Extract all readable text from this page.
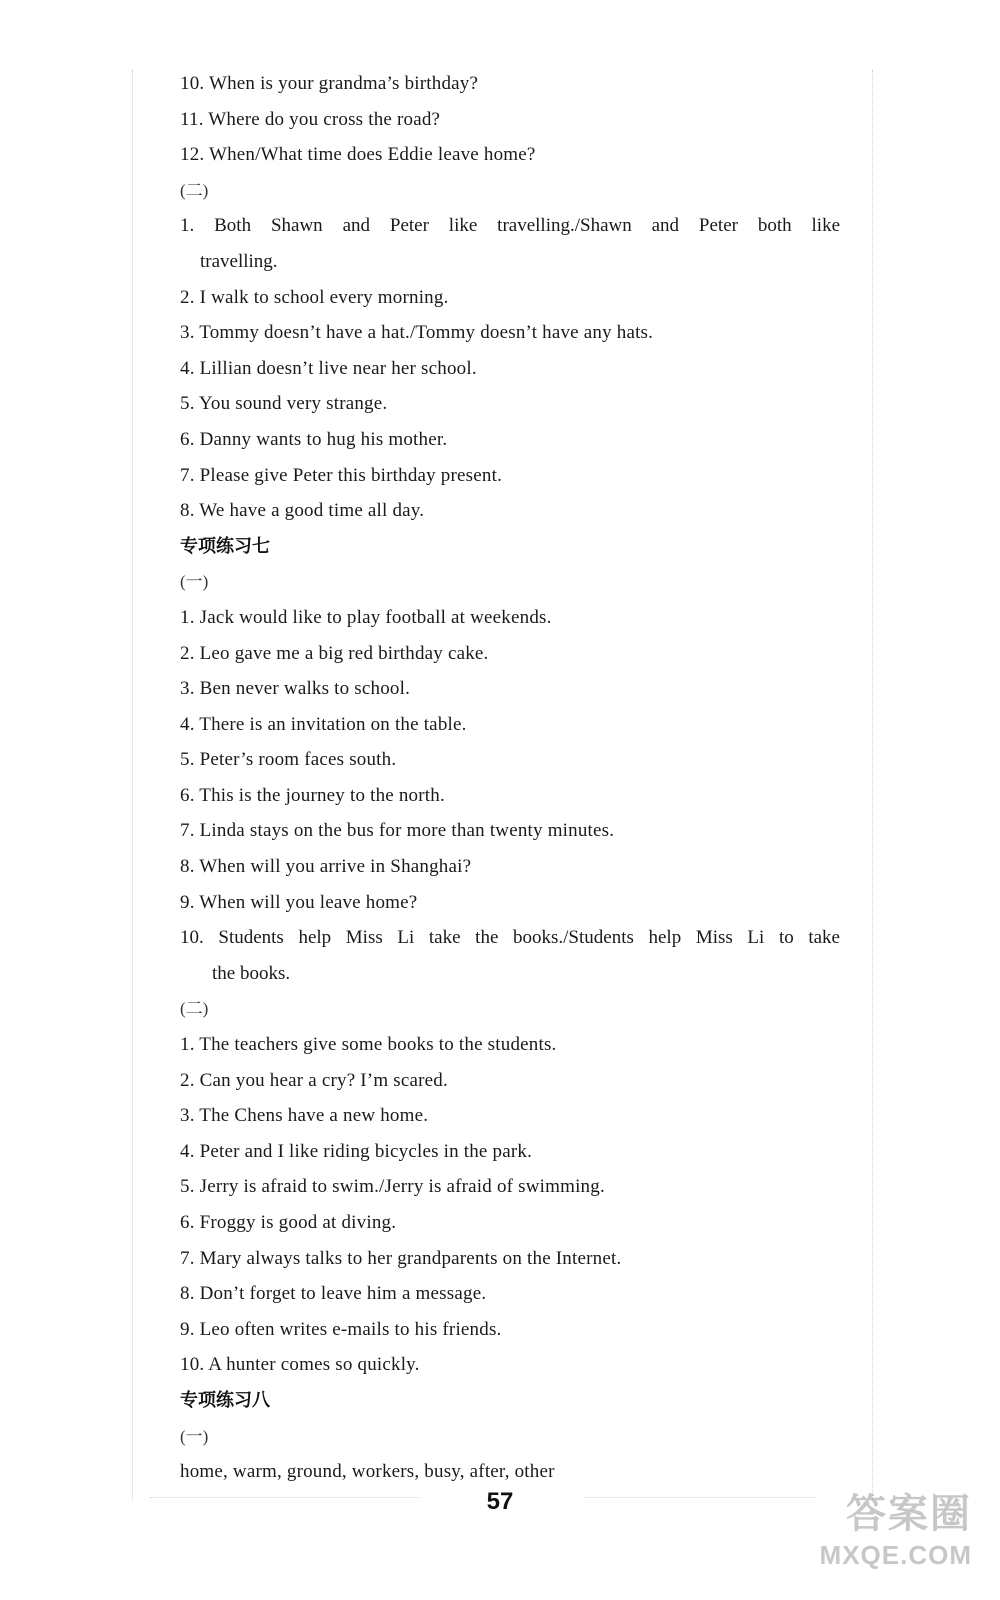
10. When is your grandma’s birthday?
11. Where do you cross the road?
12. When/What time does Eddie leave home?
(二)
1. Both Shawn and Peter like travelling./Shawn and Peter both like
travelling.
2. I walk to school every morning.
3. Tommy doesn’t have a hat./Tommy doesn’t have any hats.
4. Lillian doesn’t live near her school.
5. You sound very strange.
6. Danny wants to hug his mother.
7. Please give Peter this birthday present.
8. We have a good time all day.
专项练习七
(一)
1. Jack would like to play football at weekends.
2. Leo gave me a big red birthday cake.
3. Ben never walks to school.
4. There is an invitation on the table.
5. Peter’s room faces south.
6. This is the journey to the north.
7. Linda stays on the bus for more than twenty minutes.
8. When will you arrive in Shanghai?
9. When will you leave home?
10. Students help Miss Li take the books./Students help Miss Li to take
the books.
(二)
1. The teachers give some books to the students.
2. Can you hear a cry? I’m scared.
3. The Chens have a new home.
4. Peter and I like riding bicycles in the park.
5. Jerry is afraid to swim./Jerry is afraid of swimming.
6. Froggy is good at diving.
7. Mary always talks to her grandparents on the Internet.
8. Don’t forget to leave him a message.
9. Leo often writes e-mails to his friends.
10. A hunter comes so quickly.
专项练习八
(一)
home, warm, ground, workers, busy, after, other
57	答案圈
MXQE.COM
